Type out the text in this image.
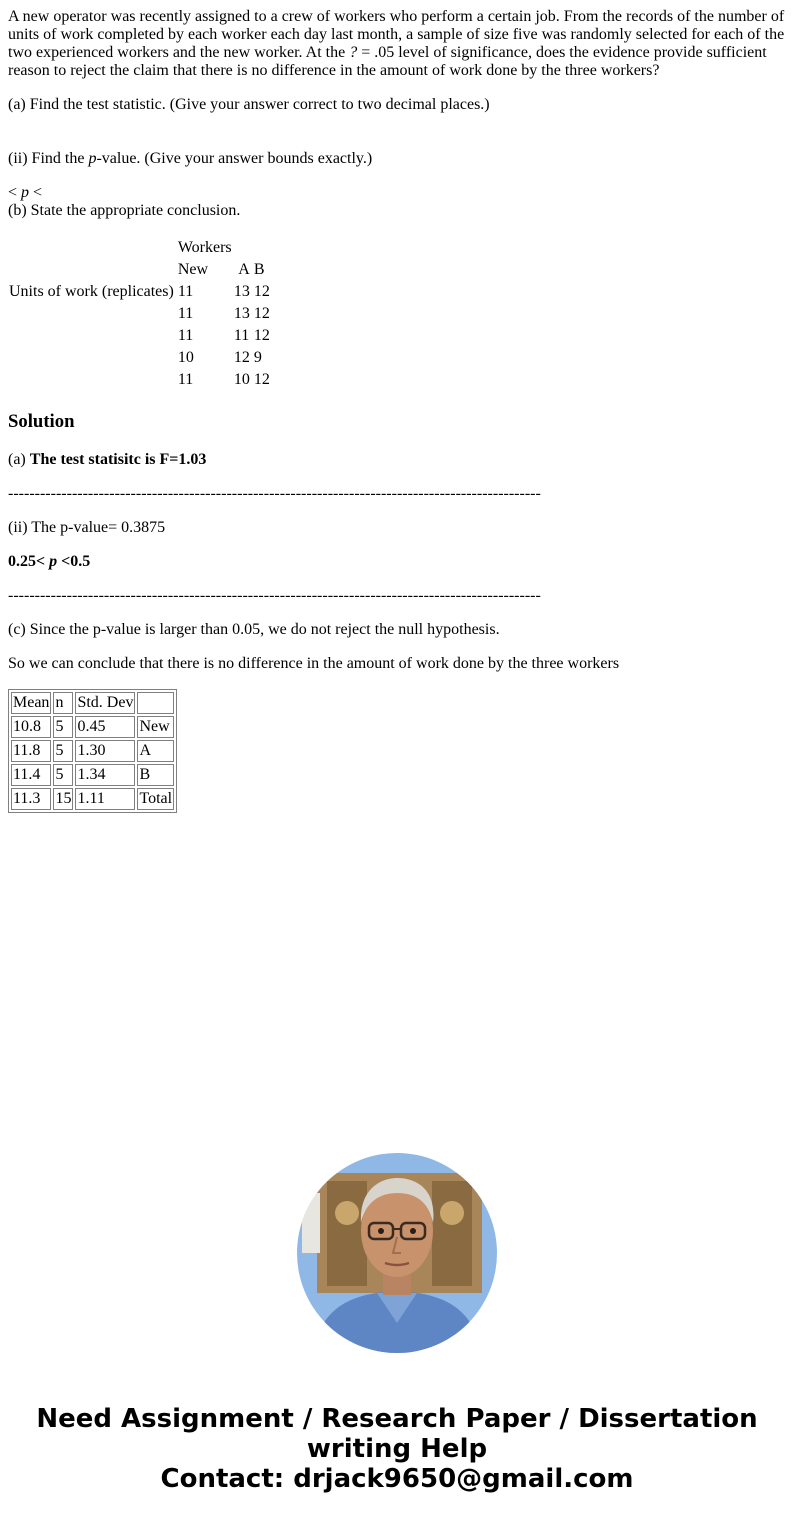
A new operator was recently assigned to a crew of workers who perform a certain job. From the records of the number of units of work completed by each worker each day last month, a sample of size five was randomly selected for each of the two experienced workers and the new worker. At the ? = .05 level of significance, does the evidence provide sufficient reason to reject the claim that there is no difference in the amount of work done by the three workers?

(a) Find the test statistic. (Give your answer correct to two decimal places.)

(ii) Find the p-value. (Give your answer bounds exactly.)

< p <

(b) State the appropriate conclusion.

	Workers		
	New	A	B
Units of work (replicates)	11	13	12
	11	13	12
	11	11	12
	10	12	9
	11	10	12
Solution

(a) The test statisitc is F=1.03

----------------------------------------------------------------------------------------------------

(ii) The p-value= 0.3875

0.25< p <0.5

----------------------------------------------------------------------------------------------------

(c) Since the p-value is larger than 0.05, we do not reject the null hypothesis.

So we can conclude that there is no difference in the amount of work done by the three workers

Mean	n	Std. Dev	
10.8	5	0.45	New
11.8	5	1.30	A
11.4	5	1.34	B
11.3	15	1.11	Total
Need Assignment / Research Paper / Dissertation
writing Help
Contact: drjack9650@gmail.com
